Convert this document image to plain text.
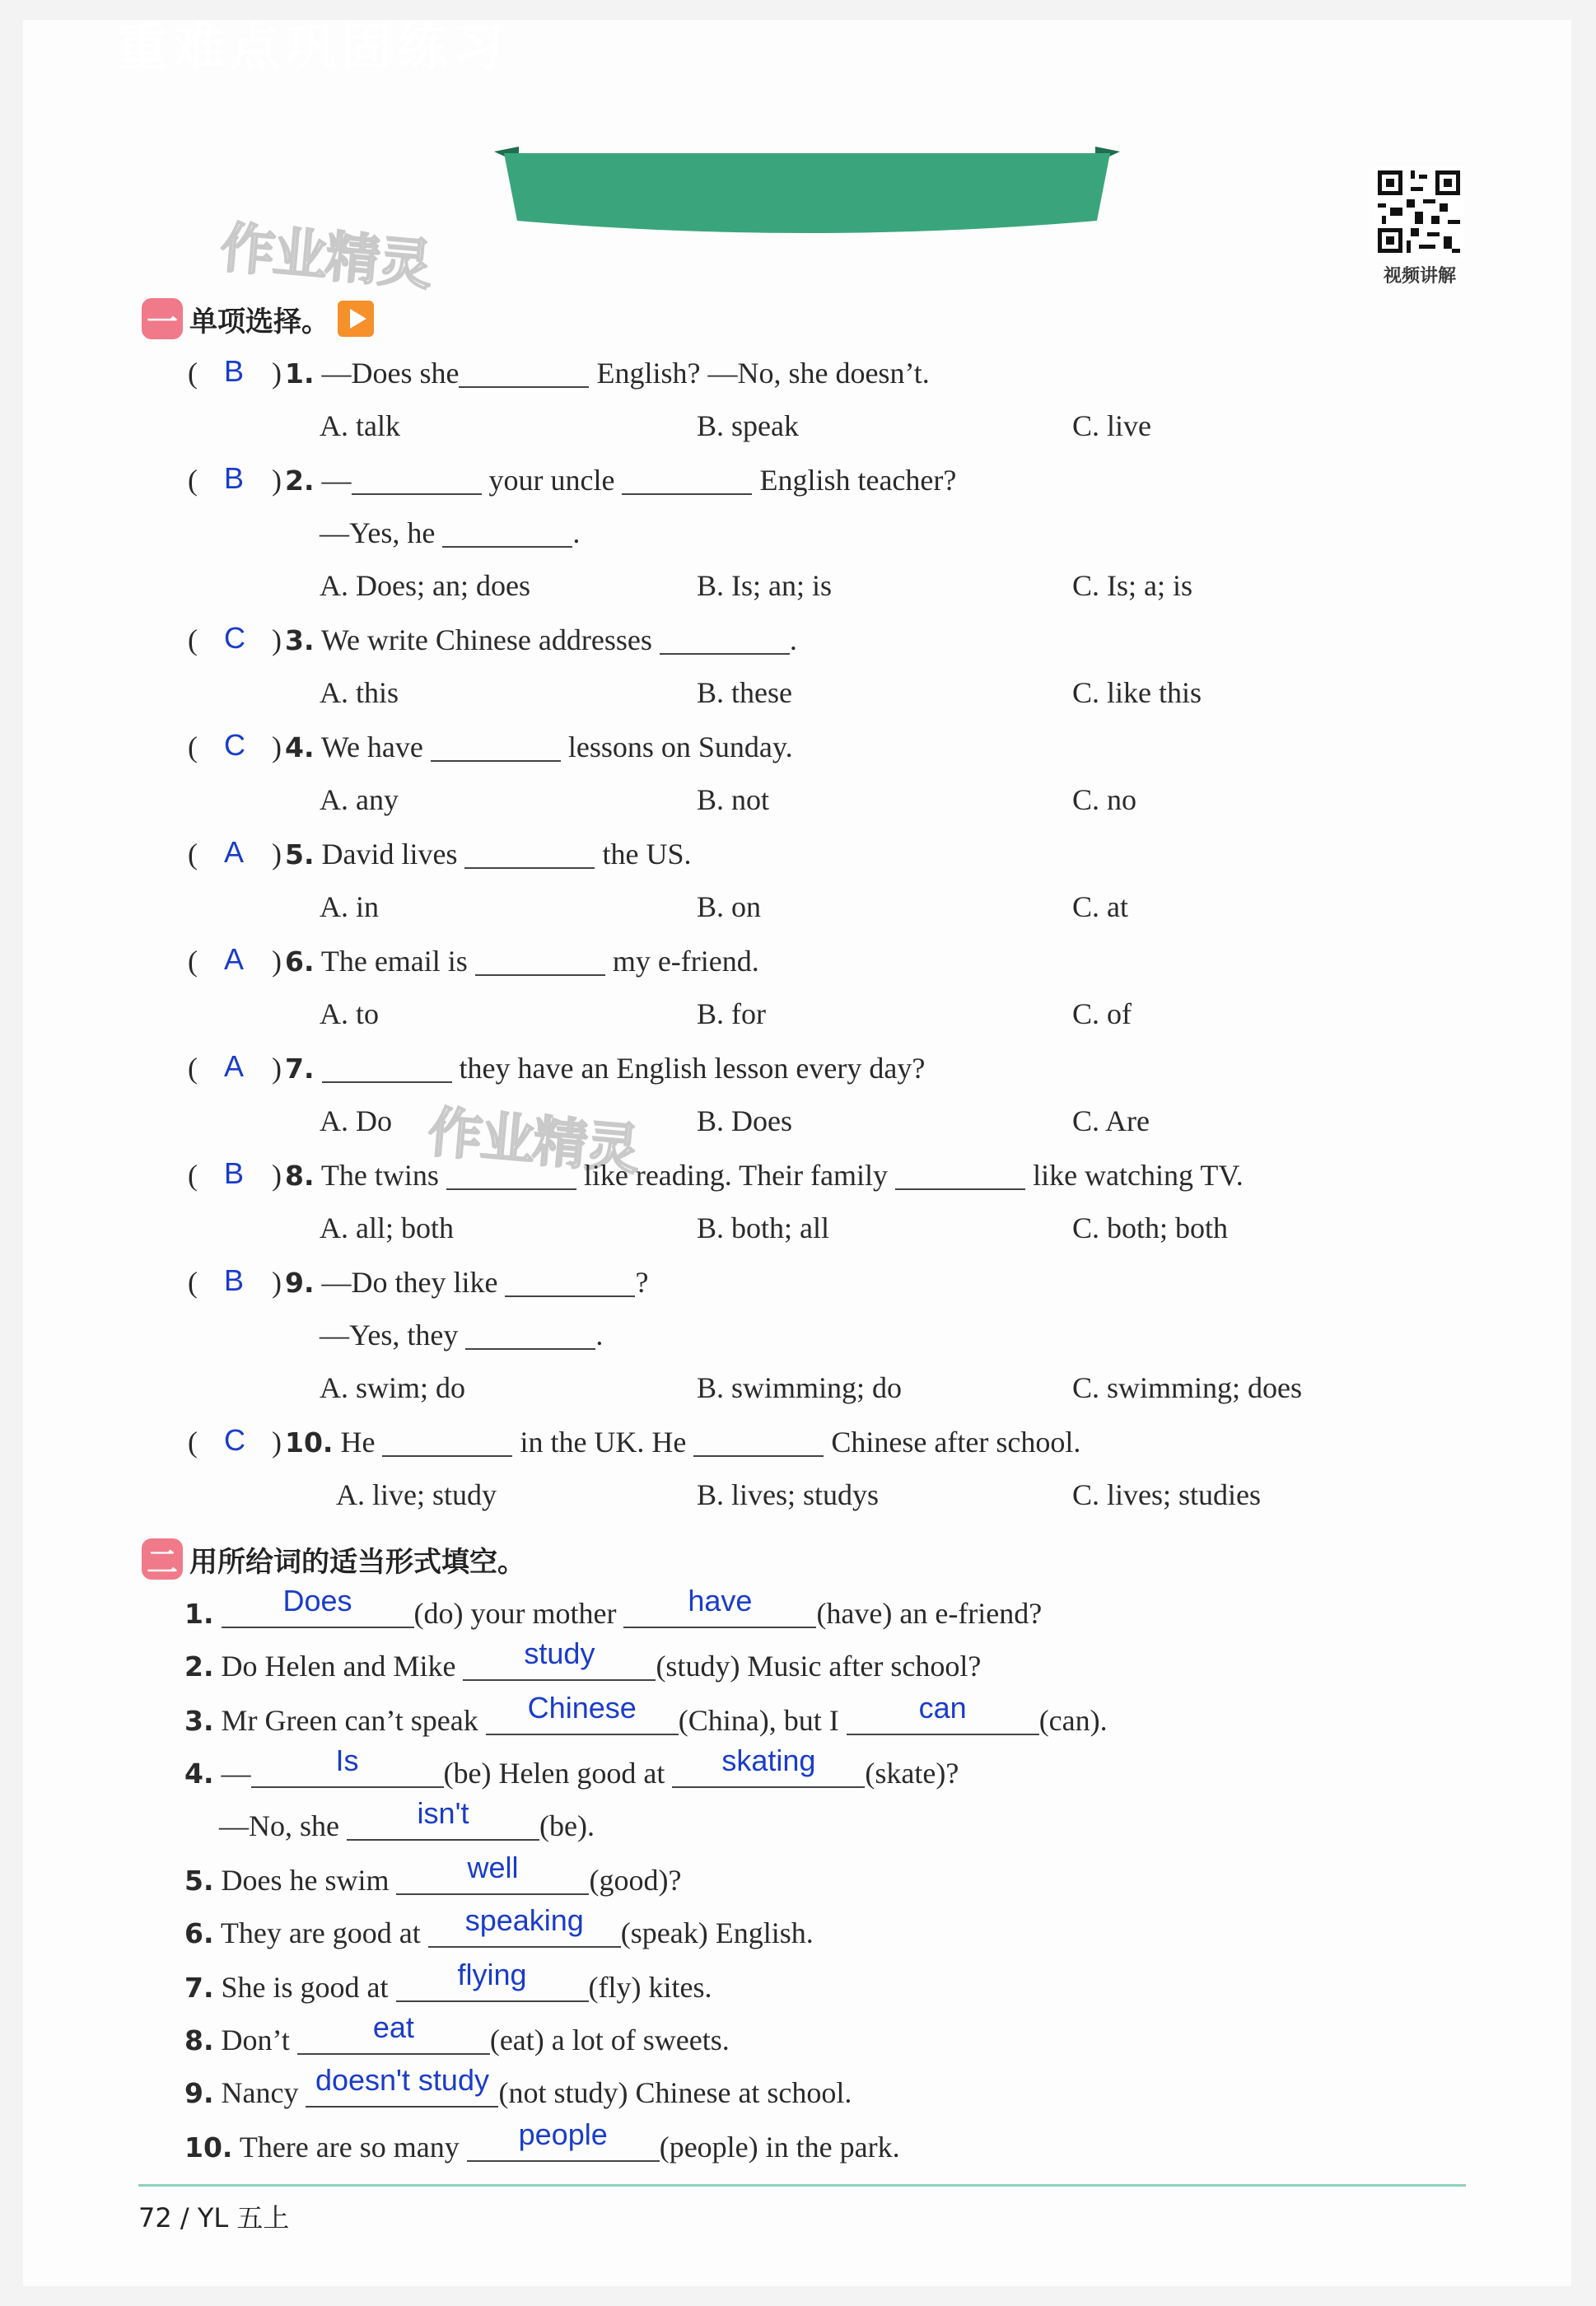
重难点巩固练习
视频讲解
作业精灵
作业精灵
一 单项选择。
( B ) 1. —Does she	English? —No, she doesn’t.
A. talk	B. speak	C. live
( B ) 2. —	your uncle	English teacher?
—Yes, he	.
A. Does; an; does	B. Is; an; is	C. Is; a; is
( C ) 3. We write Chinese addresses	.
A. this	B. these	C. like this
( C ) 4. We have	lessons on Sunday.
A. any	B. not	C. no
( A ) 5. David lives	the US.
A. in	B. on	C. at
( A ) 6. The email is	my e-friend.
A. to	B. for	C. of
( A ) 7.	they have an English lesson every day?
A. Do	B. Does	C. Are
( B ) 8. The twins	like reading. Their family	like watching TV.
A. all; both	B. both; all	C. both; both
( B ) 9. —Do they like	?
—Yes, they	.
A. swim; do	B. swimming; do	C. swimming; does
( C ) 10. He	in the UK. He	Chinese after school.
A. live; study	B. lives; studys	C. lives; studies
二 用所给词的适当形式填空。
1.	Does	(do) your mother	have	(have) an e-friend?
2. Do Helen and Mike	study	(study) Music after school?
3. Mr Green can’t speak	Chinese	(China), but I	can	(can).
4. —	Is	(be) Helen good at	skating	(skate)?
—No, she	isn't	(be).
5. Does he swim	well	(good)?
6. They are good at	speaking	(speak) English.
7. She is good at	flying	(fly) kites.
8. Don’t	eat	(eat) a lot of sweets.
9. Nancy doesn't study (not study) Chinese at school.
10. There are so many	people	(people) in the park.
72 / YL 五上
